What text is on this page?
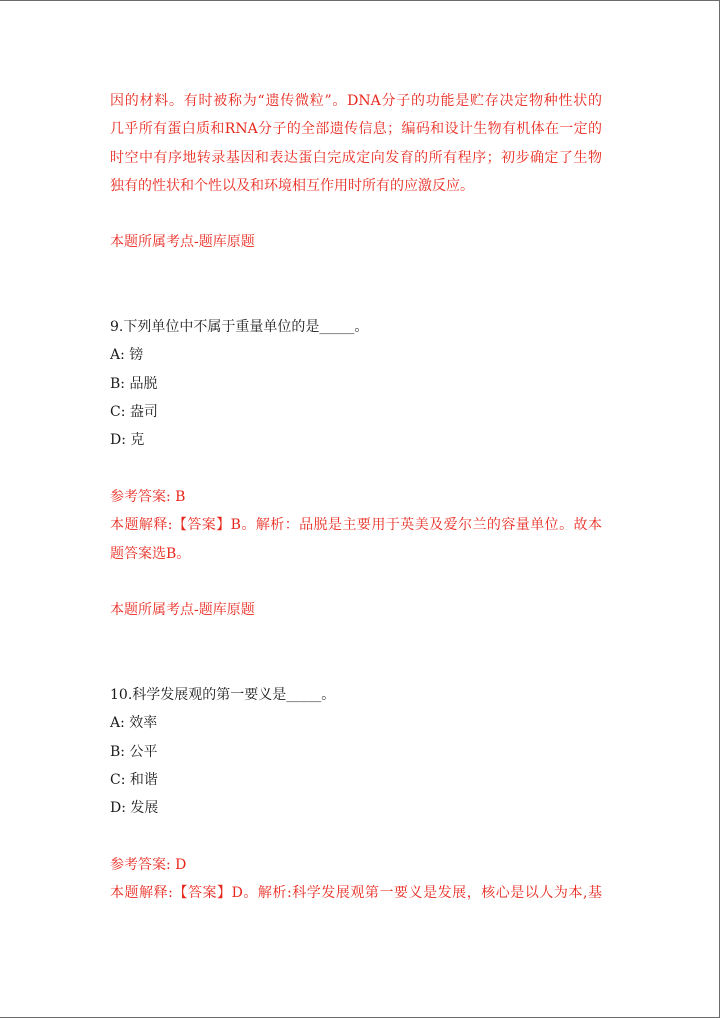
因的材料。有时被称为“遗传微粒”。DNA分子的功能是贮存决定物种性状的
几乎所有蛋白质和RNA分子的全部遗传信息；编码和设计生物有机体在一定的
时空中有序地转录基因和表达蛋白完成定向发育的所有程序；初步确定了生物
独有的性状和个性以及和环境相互作用时所有的应激反应。
本题所属考点-题库原题
9.下列单位中不属于重量单位的是_____。
A: 镑
B: 品脱
C: 盎司
D: 克
参考答案: B
本题解释:【答案】B。解析：品脱是主要用于英美及爱尔兰的容量单位。故本
题答案选B。
本题所属考点-题库原题
10.科学发展观的第一要义是_____。
A: 效率
B: 公平
C: 和谐
D: 发展
参考答案: D
本题解释:【答案】D。解析:科学发展观第一要义是发展，核心是以人为本,基
